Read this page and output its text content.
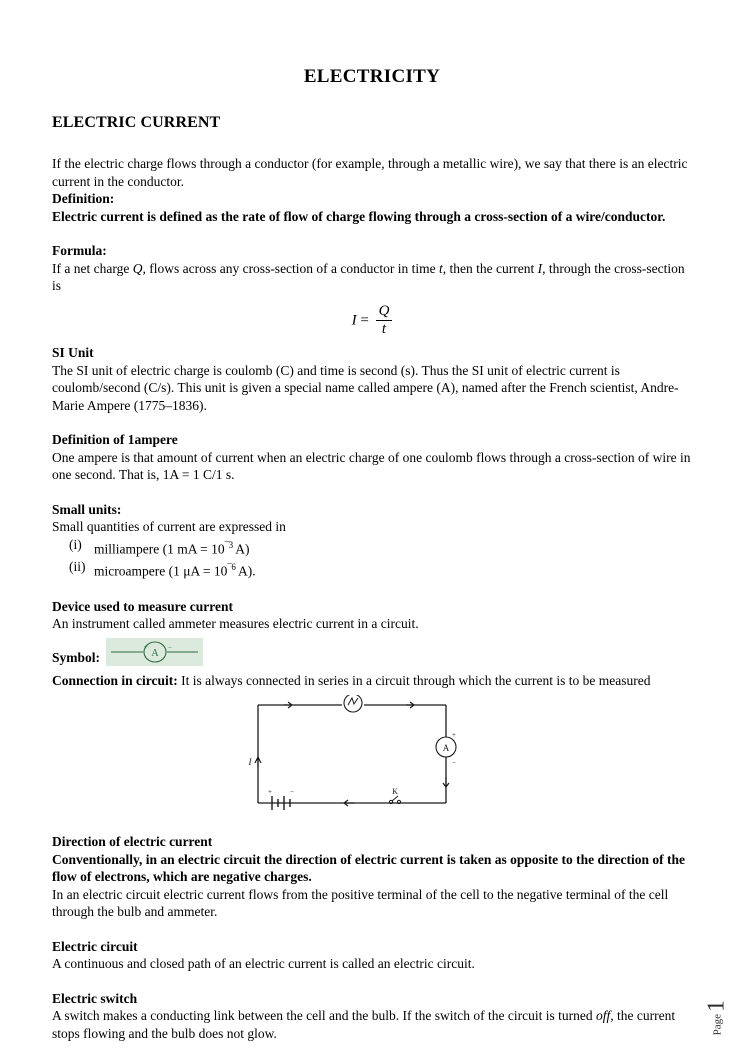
ELECTRICITY
ELECTRIC CURRENT

If the electric charge flows through a conductor (for example, through a metallic wire), we say that there is an electric current in the conductor.

Definition:

Electric current is defined as the rate of flow of charge flowing through a cross-section of a wire/conductor.

Formula:

If a net charge Q, flows across any cross-section of a conductor in time t, then the current I, through the cross-section is

$I = \frac{Q}{t}$

SI Unit

The SI unit of electric charge is coulomb (C) and time is second (s). Thus the SI unit of electric current is coulomb/second (C/s). This unit is given a special name called ampere (A), named after the French scientist, Andre-Marie Ampere (1775–1836).

Definition of 1ampere

One ampere is that amount of current when an electric charge of one coulomb flows through a cross-section of wire in one second. That is, 1A = 1 C/1 s.

Small units:

Small quantities of current are expressed in

(i) milliampere (1 mA = $10^{¯3}$ A)
(ii) microampere (1 $\mu A = 10^{¯6}$ A).

Device used to measure current

An instrument called ammeter measures electric current in a circuit.

Symbol:	A
+	−

Connection in circuit: It is always connected in series in a circuit through which the current is to be measured

A
+
−
I
+	−	K

Direction of electric current

Conventionally, in an electric circuit the direction of electric current is taken as opposite to the direction of the flow of electrons, which are negative charges.

In an electric circuit electric current flows from the positive terminal of the cell to the negative terminal of the cell through the bulb and ammeter.

Electric circuit

A continuous and closed path of an electric current is called an electric circuit.

Electric switch

A switch makes a conducting link between the cell and the bulb. If the switch of the circuit is turned off, the current stops flowing and the bulb does not glow.	Page1
